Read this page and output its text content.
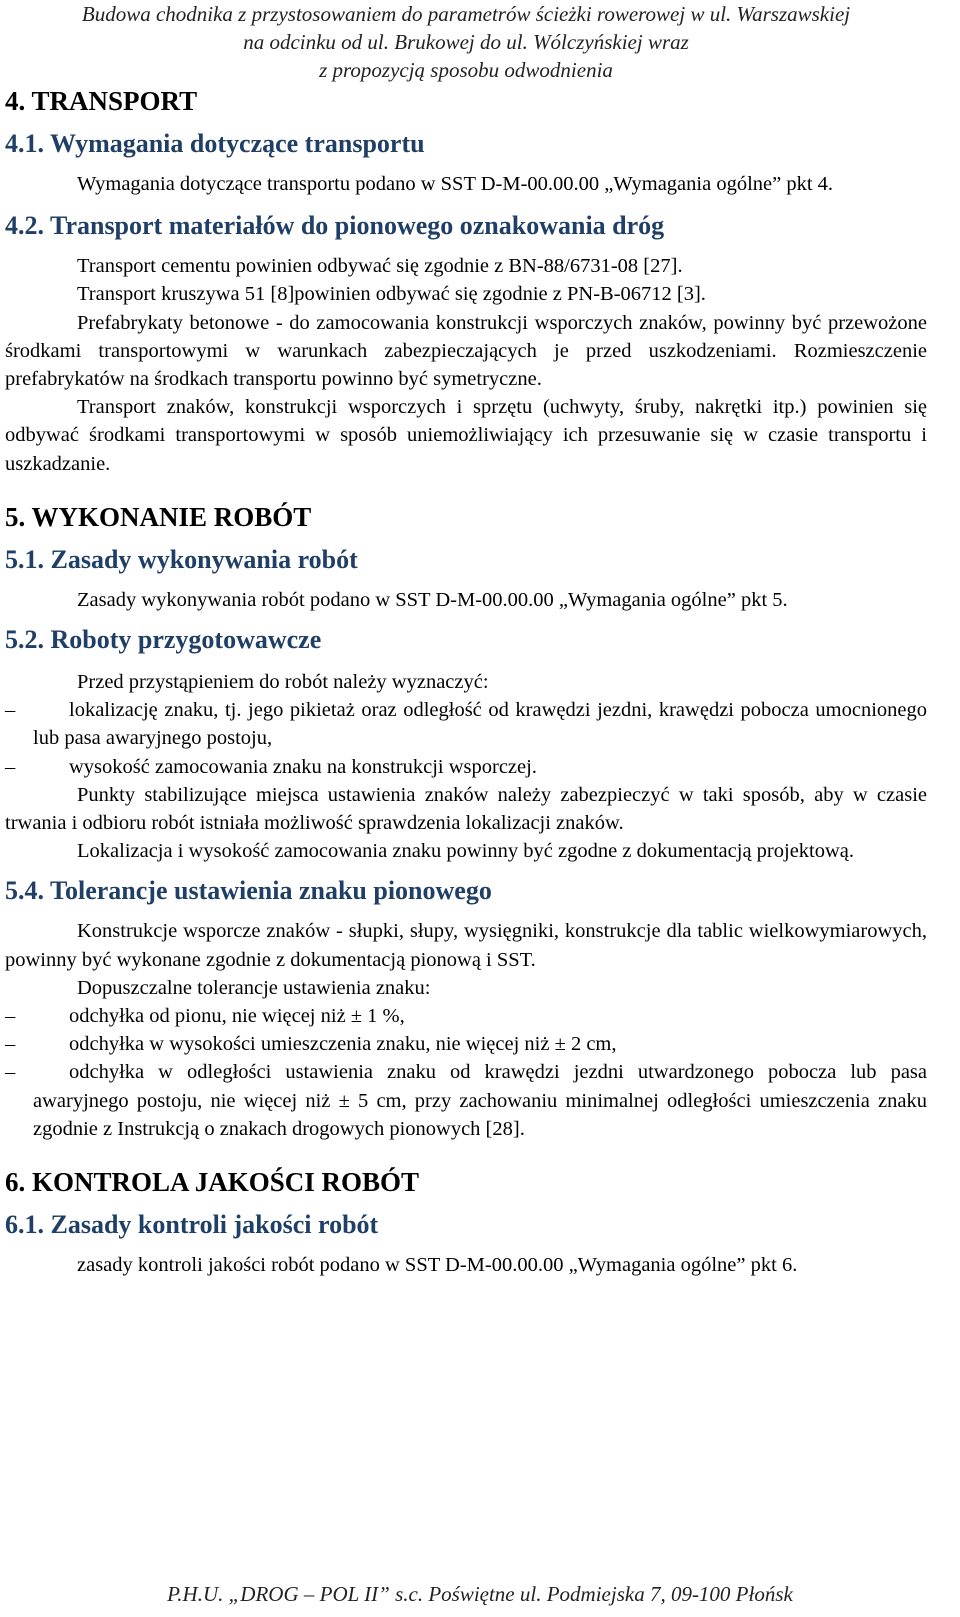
Budowa chodnika z przystosowaniem do parametrów ścieżki rowerowej w ul. Warszawskiej
na odcinku od ul. Brukowej do ul. Wólczyńskiej wraz
z propozycją sposobu odwodnienia
4. TRANSPORT
4.1. Wymagania dotyczące transportu

Wymagania dotyczące transportu podano w SST D-M-00.00.00 „Wymagania ogólne” pkt 4.

4.2. Transport materiałów do pionowego oznakowania dróg

Transport cementu powinien odbywać się zgodnie z BN-88/6731-08 [27].

Transport kruszywa 51 [8]powinien odbywać się zgodnie z PN-B-06712 [3].

Prefabrykaty betonowe - do zamocowania konstrukcji wsporczych znaków, powinny być przewożone środkami transportowymi w warunkach zabezpieczających je przed uszkodzeniami. Rozmieszczenie prefabrykatów na środkach transportu powinno być symetryczne.

Transport znaków, konstrukcji wsporczych i sprzętu (uchwyty, śruby, nakrętki itp.) powinien się odbywać środkami transportowymi w sposób uniemożliwiający ich przesuwanie się w czasie transportu i uszkadzanie.

5. WYKONANIE ROBÓT
5.1. Zasady wykonywania robót

Zasady wykonywania robót podano w SST D-M-00.00.00 „Wymagania ogólne” pkt 5.

5.2. Roboty przygotowawcze

Przed przystąpieniem do robót należy wyznaczyć:

–	lokalizację znaku, tj. jego pikietaż oraz odległość od krawędzi jezdni, krawędzi pobocza umocnionego lub pasa awaryjnego postoju,
–	wysokość zamocowania znaku na konstrukcji wsporczej.

Punkty stabilizujące miejsca ustawienia znaków należy zabezpieczyć w taki sposób, aby w czasie trwania i odbioru robót istniała możliwość sprawdzenia lokalizacji znaków.

Lokalizacja i wysokość zamocowania znaku powinny być zgodne z dokumentacją projektową.

5.4. Tolerancje ustawienia znaku pionowego

Konstrukcje wsporcze znaków - słupki, słupy, wysięgniki, konstrukcje dla tablic wielkowymiarowych, powinny być wykonane zgodnie z dokumentacją pionową i SST.

Dopuszczalne tolerancje ustawienia znaku:

–	odchyłka od pionu, nie więcej niż ± 1 %,
–	odchyłka w wysokości umieszczenia znaku, nie więcej niż ± 2 cm,
–	odchyłka w odległości ustawienia znaku od krawędzi jezdni utwardzonego pobocza lub pasa awaryjnego postoju, nie więcej niż ± 5 cm, przy zachowaniu minimalnej odległości umieszczenia znaku zgodnie z Instrukcją o znakach drogowych pionowych [28].
6. KONTROLA JAKOŚCI ROBÓT
6.1. Zasady kontroli jakości robót

zasady kontroli jakości robót podano w SST D-M-00.00.00 „Wymagania ogólne” pkt 6.

P.H.U. „DROG – POL II” s.c. Poświętne ul. Podmiejska 7, 09-100 Płońsk
